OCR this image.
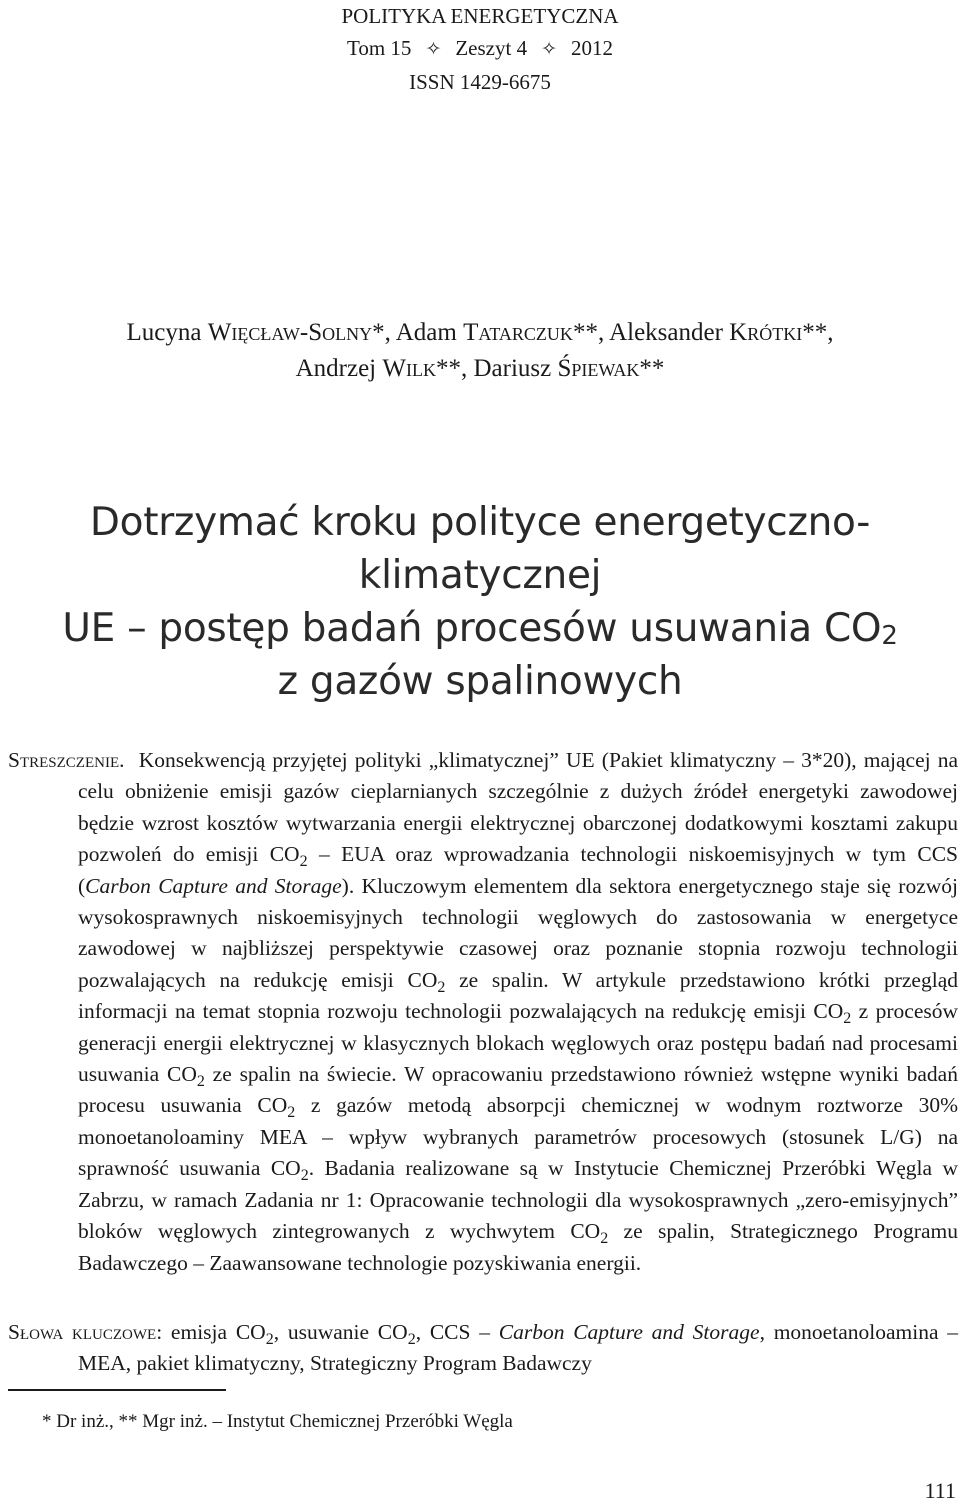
POLITYKA ENERGETYCZNA
Tom 15 ✧ Zeszyt 4 ✧ 2012
ISSN 1429-6675
Lucyna Więcław-Solny*, Adam Tatarczuk**, Aleksander Krótki**,
Andrzej Wilk**, Dariusz Śpiewak**
Dotrzymać kroku polityce energetyczno-klimatycznej
UE – postęp badań procesów usuwania $CO_2$
z gazów spalinowych
Streszczenie. Konsekwencją przyjętej polityki „klimatycznej” UE (Pakiet klimatyczny – 3*20), mającej na celu obniżenie emisji gazów cieplarnianych szczególnie z dużych źródeł energetyki zawodowej będzie wzrost kosztów wytwarzania energii elektrycznej obarczonej dodatkowymi kosztami zakupu pozwoleń do emisji $CO_2$ – EUA oraz wprowadzania technologii niskoemisyjnych w tym CCS (Carbon Capture and Storage). Kluczowym elementem dla sektora energetycznego staje się rozwój wysokosprawnych niskoemisyjnych technologii węglowych do zastosowania w energetyce zawodowej w najbliższej perspektywie czasowej oraz poznanie stopnia rozwoju technologii pozwalających na redukcję emisji $CO_2$ ze spalin. W artykule przedstawiono krótki przegląd informacji na temat stopnia rozwoju technologii pozwalających na redukcję emisji $CO_2$ z procesów generacji energii elektrycznej w klasycznych blokach węglowych oraz postępu badań nad procesami usuwania $CO_2$ ze spalin na świecie. W opracowaniu przedstawiono również wstępne wyniki badań procesu usuwania $CO_2$ z gazów metodą absorpcji chemicznej w wodnym roztworze 30% monoetanoloaminy MEA – wpływ wybranych parametrów procesowych (stosunek L/G) na sprawność usuwania $CO_2$. Badania realizowane są w Instytucie Chemicznej Przeróbki Węgla w Zabrzu, w ramach Zadania nr 1: Opracowanie technologii dla wysokosprawnych „zero-emisyjnych” bloków węglowych zintegrowanych z wychwytem $CO_2$ ze spalin, Strategicznego Programu Badawczego – Zaawansowane technologie pozyskiwania energii.
Słowa kluczowe: emisja $CO_2$, usuwanie $CO_2$, CCS – Carbon Capture and Storage, monoetanoloamina – MEA, pakiet klimatyczny, Strategiczny Program Badawczy
* Dr inż., ** Mgr inż. – Instytut Chemicznej Przeróbki Węgla
111
